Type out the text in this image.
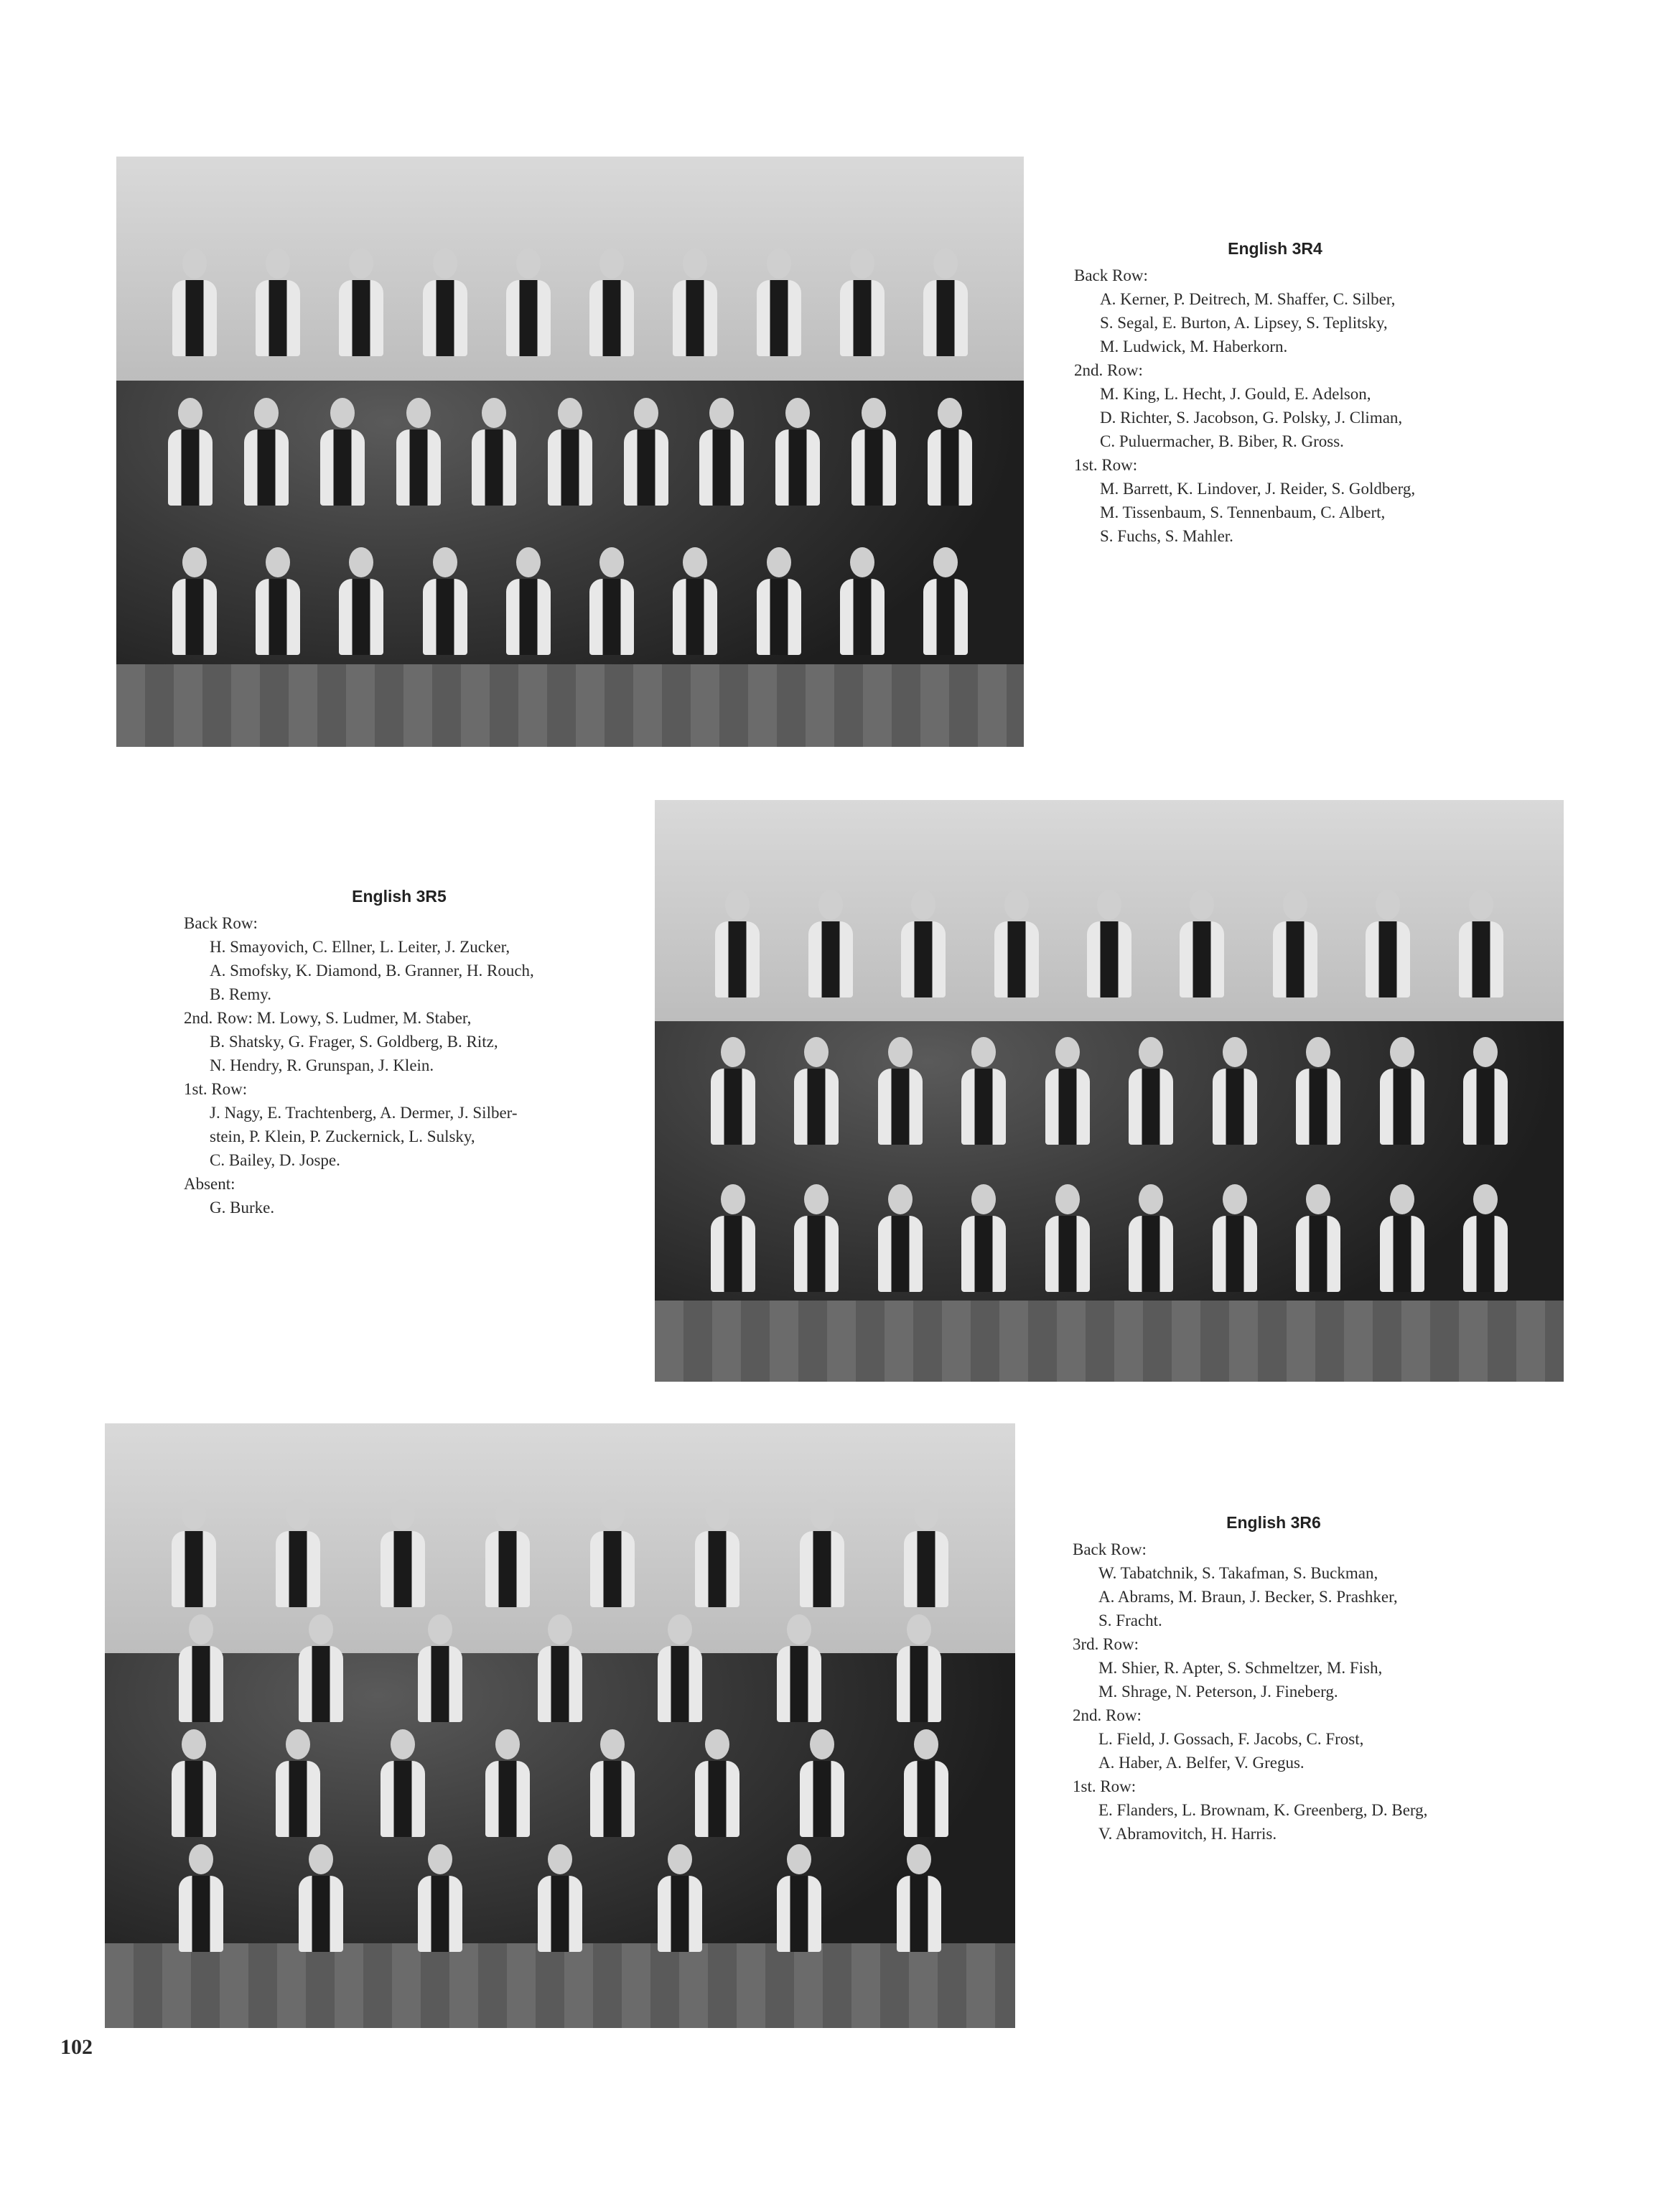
English 3R4
Back Row:
A. Kerner, P. Deitrech, M. Shaffer, C. Silber,
S. Segal, E. Burton, A. Lipsey, S. Teplitsky,
M. Ludwick, M. Haberkorn.
2nd. Row:
M. King, L. Hecht, J. Gould, E. Adelson,
D. Richter, S. Jacobson, G. Polsky, J. Climan,
C. Puluermacher, B. Biber, R. Gross.
1st. Row:
M. Barrett, K. Lindover, J. Reider, S. Goldberg,
M. Tissenbaum, S. Tennenbaum, C. Albert,
S. Fuchs, S. Mahler.
English 3R5
Back Row:
H. Smayovich, C. Ellner, L. Leiter, J. Zucker,
A. Smofsky, K. Diamond, B. Granner, H. Rouch,
B. Remy.
2nd. Row: M. Lowy, S. Ludmer, M. Staber,
B. Shatsky, G. Frager, S. Goldberg, B. Ritz,
N. Hendry, R. Grunspan, J. Klein.
1st. Row:
J. Nagy, E. Trachtenberg, A. Dermer, J. Silber-
stein, P. Klein, P. Zuckernick, L. Sulsky,
C. Bailey, D. Jospe.
Absent:
G. Burke.
English 3R6
Back Row:
W. Tabatchnik, S. Takafman, S. Buckman,
A. Abrams, M. Braun, J. Becker, S. Prashker,
S. Fracht.
3rd. Row:
M. Shier, R. Apter, S. Schmeltzer, M. Fish,
M. Shrage, N. Peterson, J. Fineberg.
2nd. Row:
L. Field, J. Gossach, F. Jacobs, C. Frost,
A. Haber, A. Belfer, V. Gregus.
1st. Row:
E. Flanders, L. Brownam, K. Greenberg, D. Berg,
V. Abramovitch, H. Harris.
102
